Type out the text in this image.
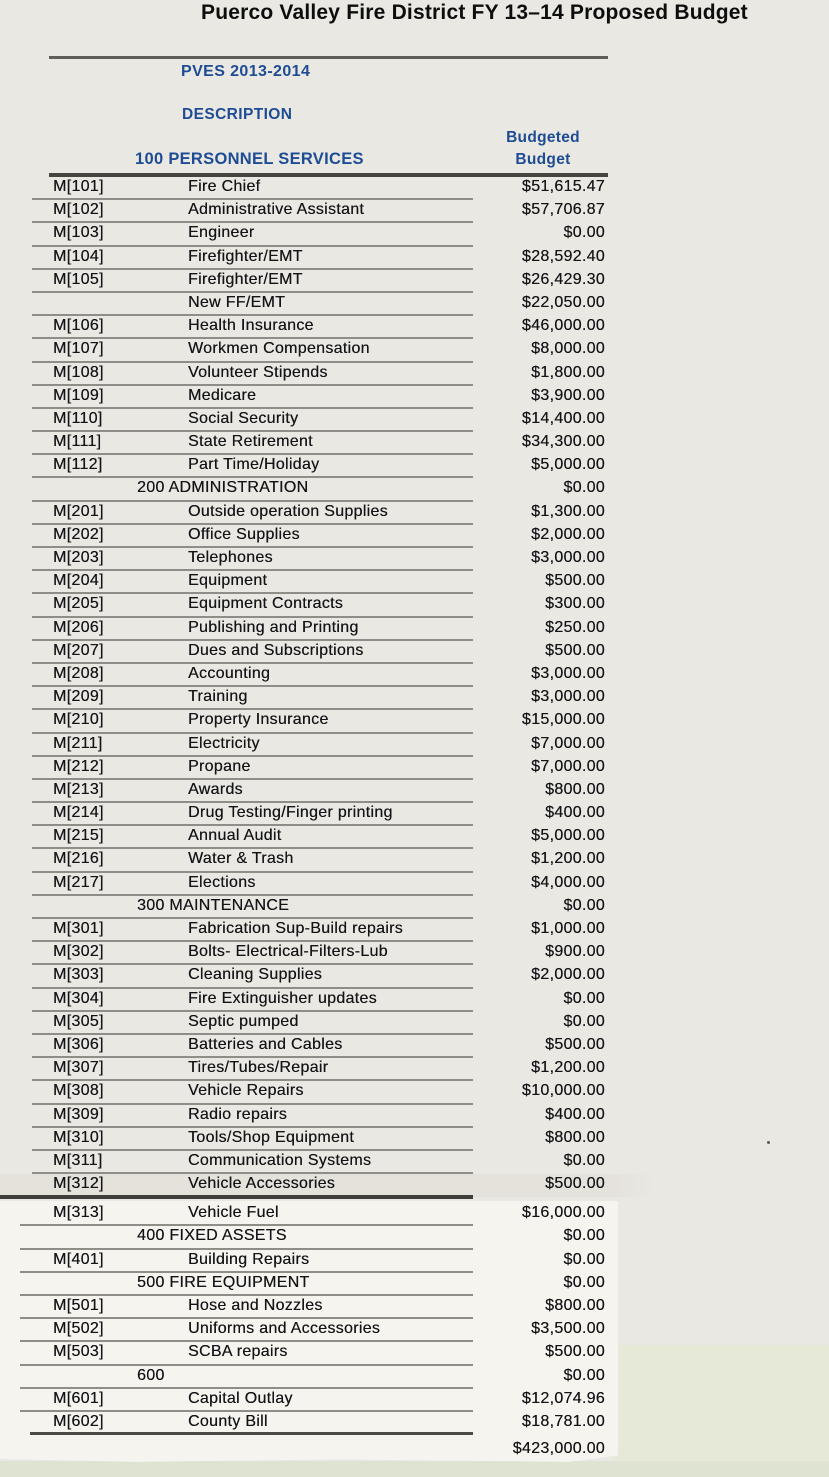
Puerco Valley Fire District FY 13–14 Proposed Budget
PVES 2013-2014
DESCRIPTION
Budgeted
Budget
100 PERSONNEL SERVICES
M[101]	Fire Chief	$51,615.47
M[102]	Administrative Assistant	$57,706.87
M[103]	Engineer	$0.00
M[104]	Firefighter/EMT	$28,592.40
M[105]	Firefighter/EMT	$26,429.30
New FF/EMT	$22,050.00
M[106]	Health Insurance	$46,000.00
M[107]	Workmen Compensation	$8,000.00
M[108]	Volunteer Stipends	$1,800.00
M[109]	Medicare	$3,900.00
M[110]	Social Security	$14,400.00
M[111]	State Retirement	$34,300.00
M[112]	Part Time/Holiday	$5,000.00
200 ADMINISTRATION	$0.00
M[201]	Outside operation Supplies	$1,300.00
M[202]	Office Supplies	$2,000.00
M[203]	Telephones	$3,000.00
M[204]	Equipment	$500.00
M[205]	Equipment Contracts	$300.00
M[206]	Publishing and Printing	$250.00
M[207]	Dues and Subscriptions	$500.00
M[208]	Accounting	$3,000.00
M[209]	Training	$3,000.00
M[210]	Property Insurance	$15,000.00
M[211]	Electricity	$7,000.00
M[212]	Propane	$7,000.00
M[213]	Awards	$800.00
M[214]	Drug Testing/Finger printing	$400.00
M[215]	Annual Audit	$5,000.00
M[216]	Water & Trash	$1,200.00
M[217]	Elections	$4,000.00
300 MAINTENANCE	$0.00
M[301]	Fabrication Sup-Build repairs	$1,000.00
M[302]	Bolts- Electrical-Filters-Lub	$900.00
M[303]	Cleaning Supplies	$2,000.00
M[304]	Fire Extinguisher updates	$0.00
M[305]	Septic pumped	$0.00
M[306]	Batteries and Cables	$500.00
M[307]	Tires/Tubes/Repair	$1,200.00
M[308]	Vehicle Repairs	$10,000.00
M[309]	Radio repairs	$400.00
M[310]	Tools/Shop Equipment	$800.00
M[311]	Communication Systems	$0.00
M[312]	Vehicle Accessories	$500.00
M[313]	Vehicle Fuel	$16,000.00
400 FIXED ASSETS	$0.00
M[401]	Building Repairs	$0.00
500 FIRE EQUIPMENT	$0.00
M[501]	Hose and Nozzles	$800.00
M[502]	Uniforms and Accessories	$3,500.00
M[503]	SCBA repairs	$500.00
600	$0.00
M[601]	Capital Outlay	$12,074.96
M[602]	County Bill	$18,781.00
$423,000.00
